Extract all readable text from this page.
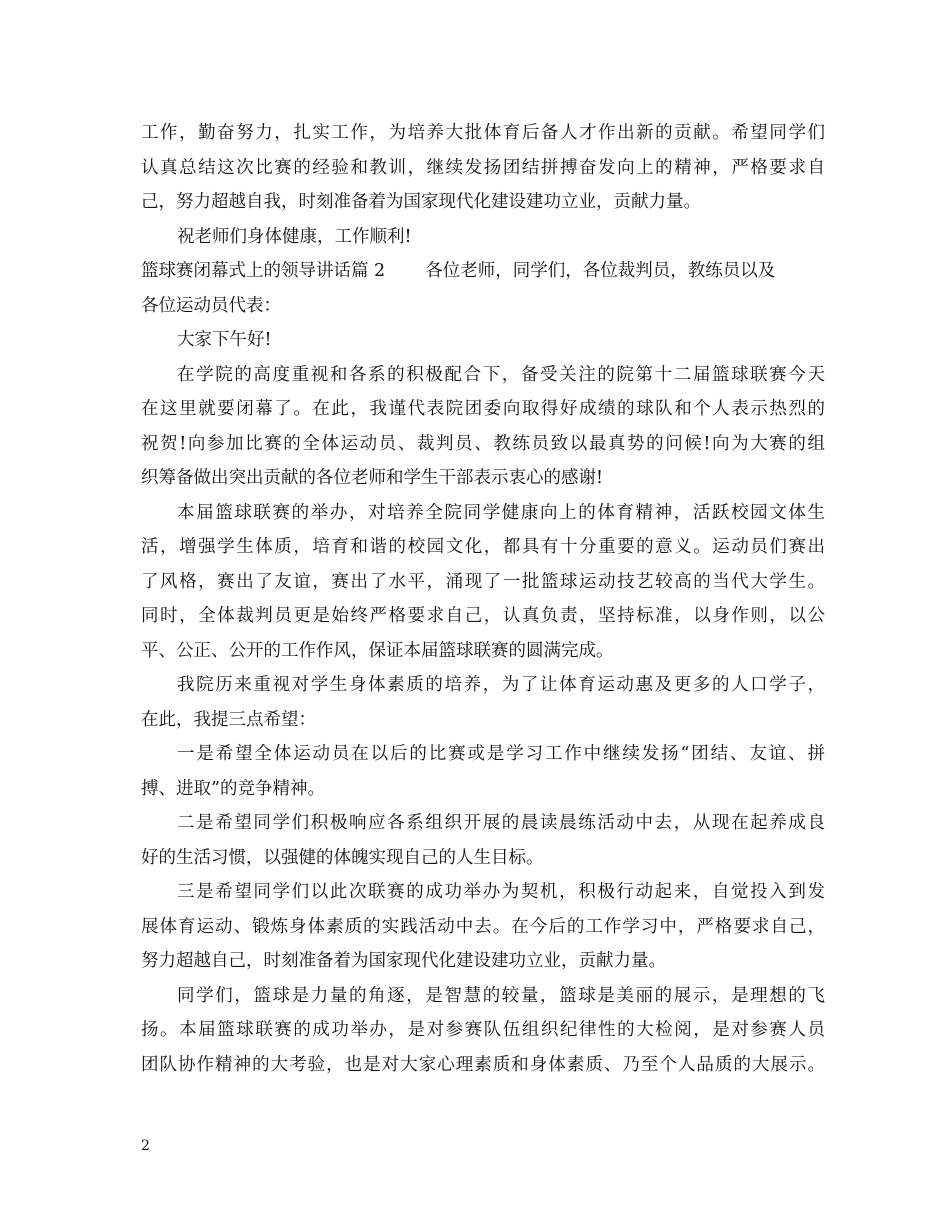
工作，勤奋努力，扎实工作，为培养大批体育后备人才作出新的贡献。希望同学们
认真总结这次比赛的经验和教训，继续发扬团结拼搏奋发向上的精神，严格要求自
己，努力超越自我，时刻准备着为国家现代化建设建功立业，贡献力量。
祝老师们身体健康，工作顺利!
篮球赛闭幕式上的领导讲话篇 2 各位老师，同学们，各位裁判员，教练员以及
各位运动员代表：
大家下午好!
在学院的高度重视和各系的积极配合下，备受关注的院第十二届篮球联赛今天
在这里就要闭幕了。在此，我谨代表院团委向取得好成绩的球队和个人表示热烈的
祝贺!向参加比赛的全体运动员、裁判员、教练员致以最真势的问候!向为大赛的组
织筹备做出突出贡献的各位老师和学生干部表示衷心的感谢!
本届篮球联赛的举办，对培养全院同学健康向上的体育精神，活跃校园文体生
活，增强学生体质，培育和谐的校园文化，都具有十分重要的意义。运动员们赛出
了风格，赛出了友谊，赛出了水平，涌现了一批篮球运动技艺较高的当代大学生。
同时，全体裁判员更是始终严格要求自己，认真负责，坚持标准，以身作则，以公
平、公正、公开的工作作风，保证本届篮球联赛的圆满完成。
我院历来重视对学生身体素质的培养，为了让体育运动惠及更多的人口学子，
在此，我提三点希望：
一是希望全体运动员在以后的比赛或是学习工作中继续发扬“团结、友谊、拼
搏、进取”的竞争精神。
二是希望同学们积极响应各系组织开展的晨读晨练活动中去，从现在起养成良
好的生活习惯，以强健的体魄实现自己的人生目标。
三是希望同学们以此次联赛的成功举办为契机，积极行动起来，自觉投入到发
展体育运动、锻炼身体素质的实践活动中去。在今后的工作学习中，严格要求自己，
努力超越自己，时刻准备着为国家现代化建设建功立业，贡献力量。
同学们，篮球是力量的角逐，是智慧的较量，篮球是美丽的展示，是理想的飞
扬。本届篮球联赛的成功举办，是对参赛队伍组织纪律性的大检阅，是对参赛人员
团队协作精神的大考验，也是对大家心理素质和身体素质、乃至个人品质的大展示。
2
